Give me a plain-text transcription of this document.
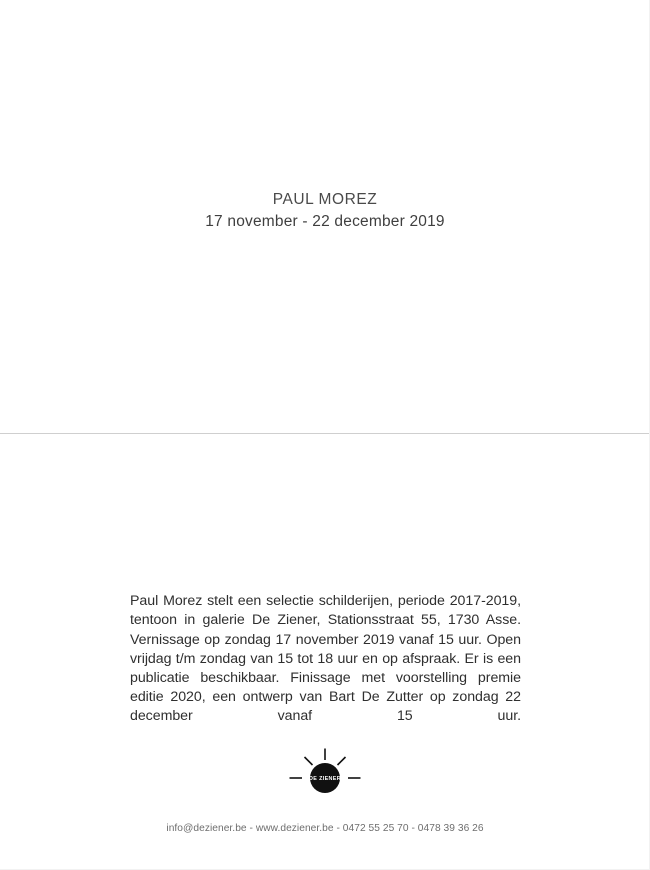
PAUL MOREZ
17 november - 22 december 2019

Paul Morez stelt een selectie schilderijen, periode 2017-2019, tentoon in galerie De Ziener, Stationsstraat 55, 1730 Asse. Vernissage op zondag 17 november 2019 vanaf 15 uur. Open vrijdag t/m zondag van 15 tot 18 uur en op afspraak. Er is een publicatie beschikbaar. Finissage met voorstelling premie editie 2020, een ontwerp van Bart De Zutter op zondag 22 december vanaf 15 uur.

DE ZIENER
info@deziener.be - www.deziener.be - 0472 55 25 70 - 0478 39 36 26
